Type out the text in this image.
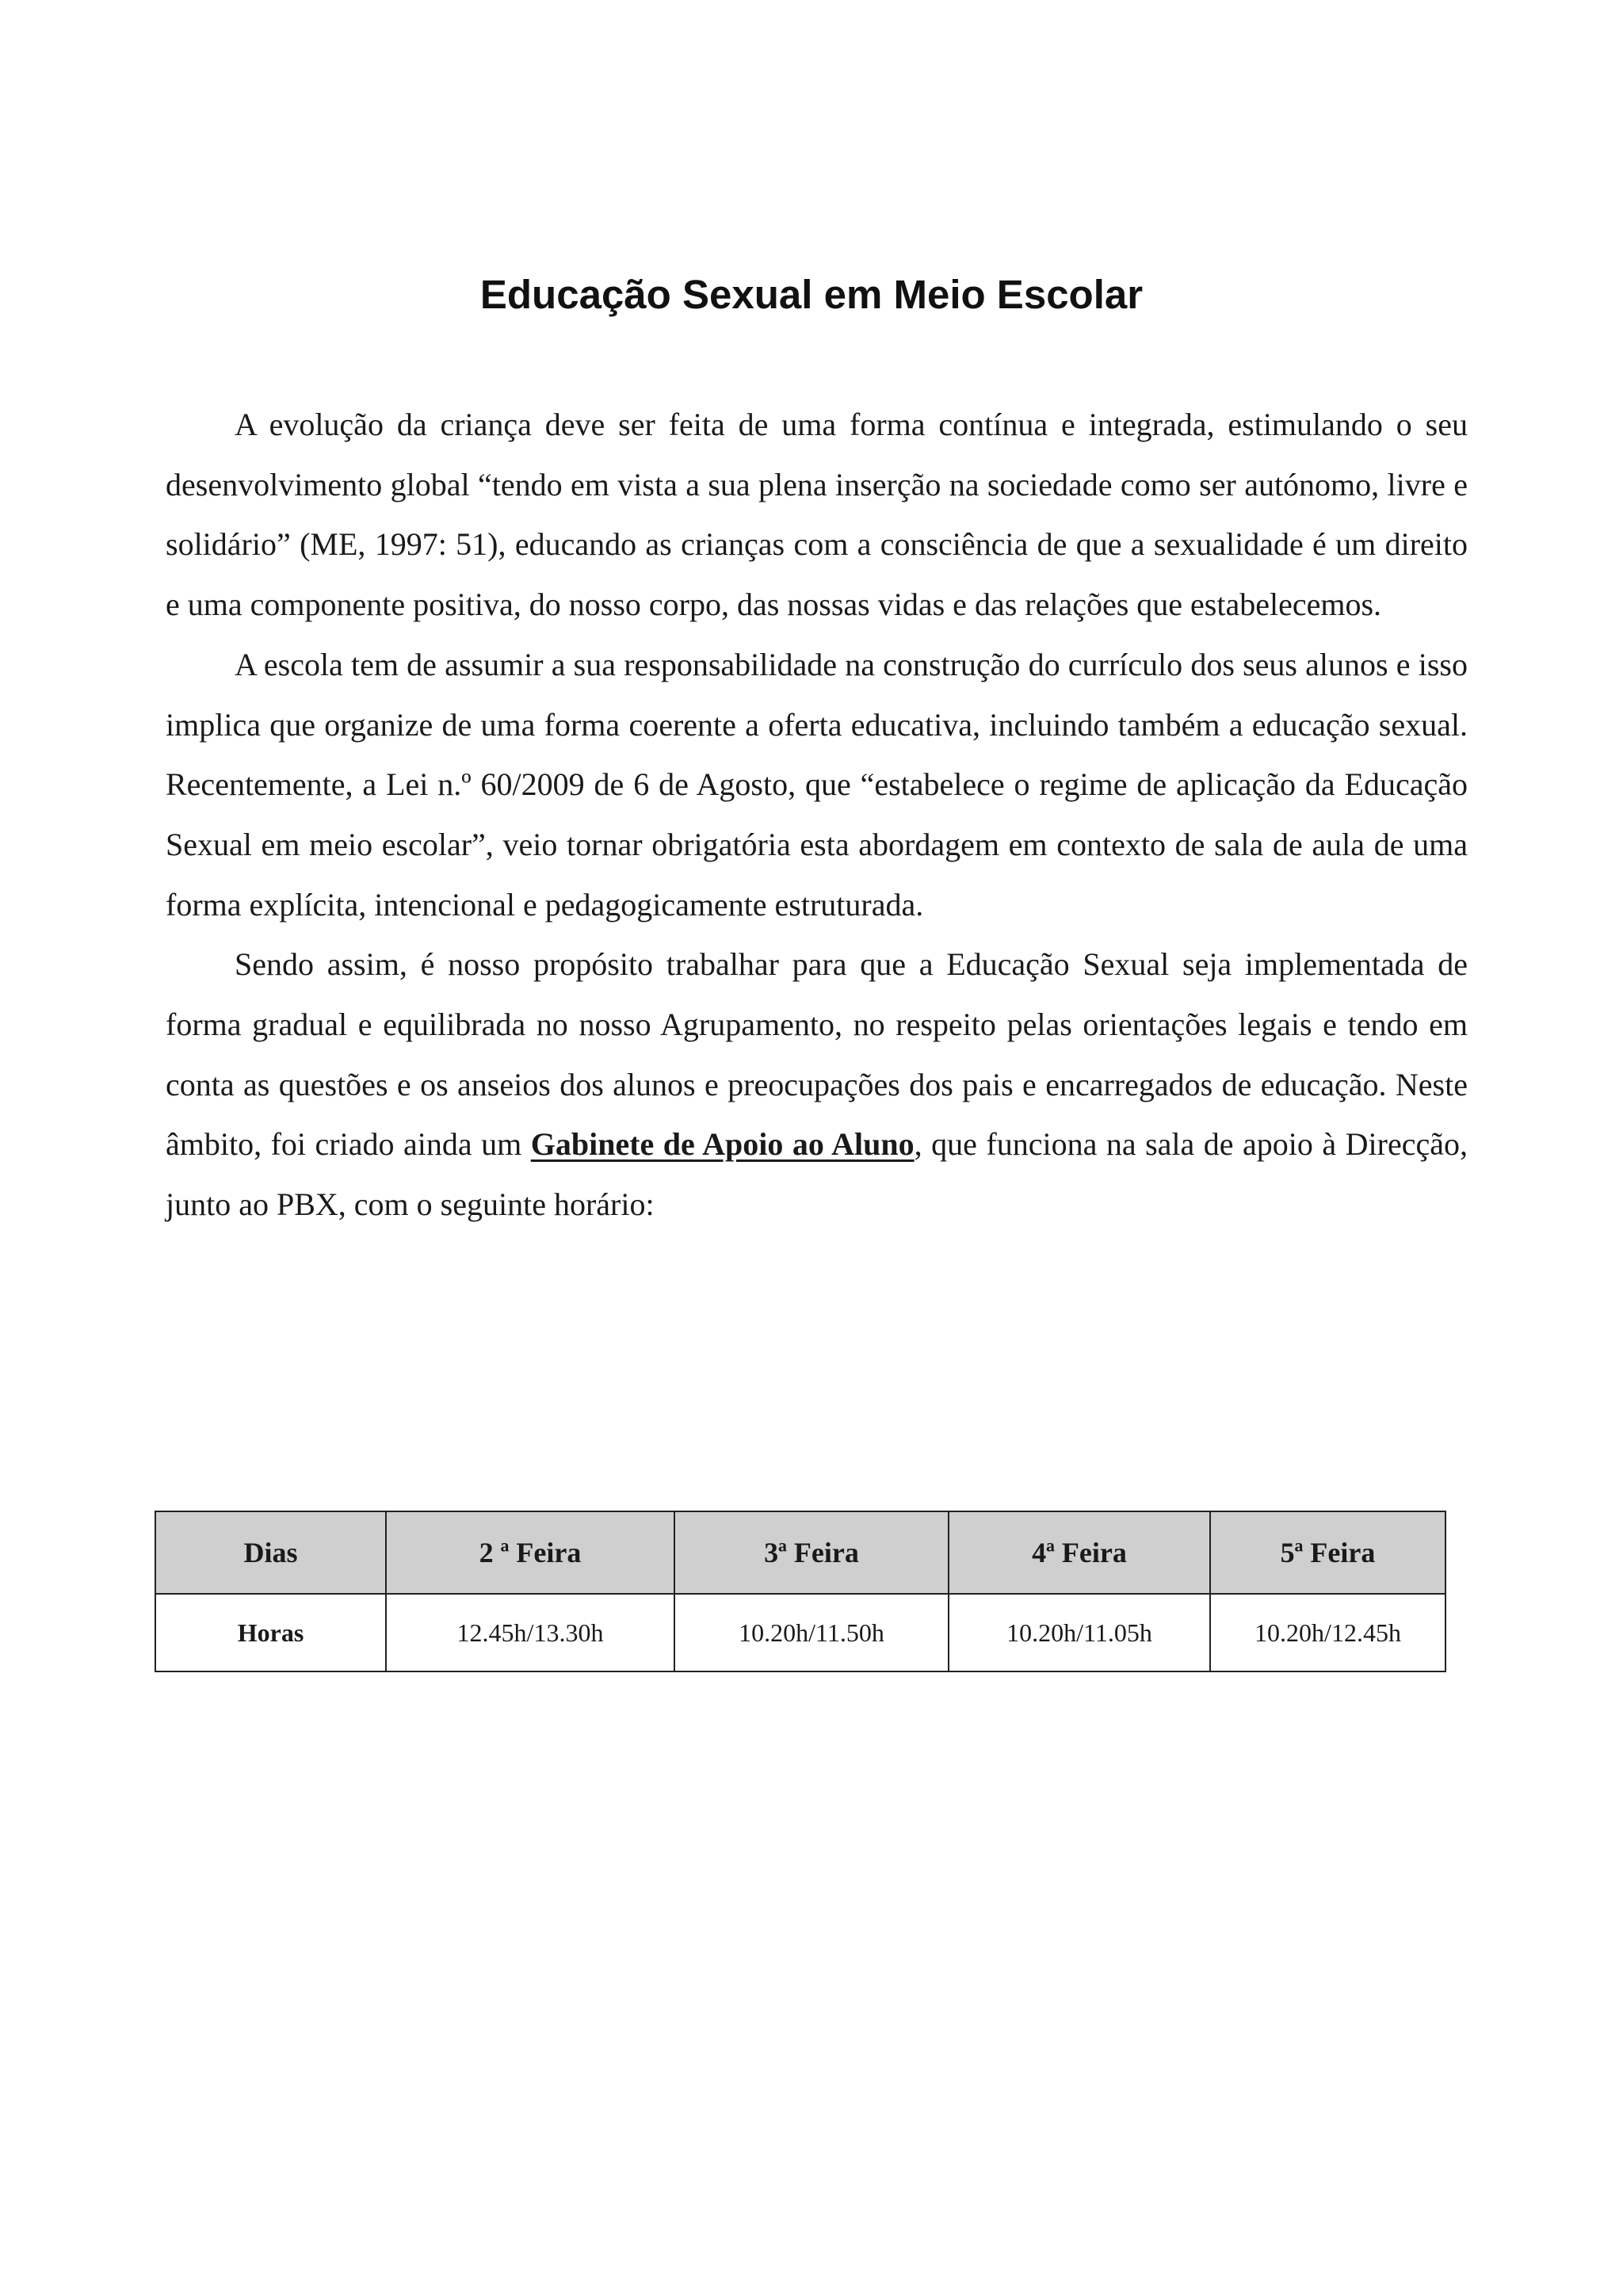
Educação Sexual em Meio Escolar

A evolução da criança deve ser feita de uma forma contínua e integrada, estimulando o seu desenvolvimento global “tendo em vista a sua plena inserção na sociedade como ser autónomo, livre e solidário” (ME, 1997: 51), educando as crianças com a consciência de que a sexualidade é um direito e uma componente positiva, do nosso corpo, das nossas vidas e das relações que estabelecemos.

A escola tem de assumir a sua responsabilidade na construção do currículo dos seus alunos e isso implica que organize de uma forma coerente a oferta educativa, incluindo também a educação sexual. Recentemente, a Lei n.º 60/2009 de 6 de Agosto, que “estabelece o regime de aplicação da Educação Sexual em meio escolar”, veio tornar obrigatória esta abordagem em contexto de sala de aula de uma forma explícita, intencional e pedagogicamente estruturada.

Sendo assim, é nosso propósito trabalhar para que a Educação Sexual seja implementada de forma gradual e equilibrada no nosso Agrupamento, no respeito pelas orientações legais e tendo em conta as questões e os anseios dos alunos e preocupações dos pais e encarregados de educação. Neste âmbito, foi criado ainda um Gabinete de Apoio ao Aluno, que funciona na sala de apoio à Direcção, junto ao PBX, com o seguinte horário:

Dias	2 ª Feira	3ª Feira	4ª Feira	5ª Feira
Horas	12.45h/13.30h	10.20h/11.50h	10.20h/11.05h	10.20h/12.45h
